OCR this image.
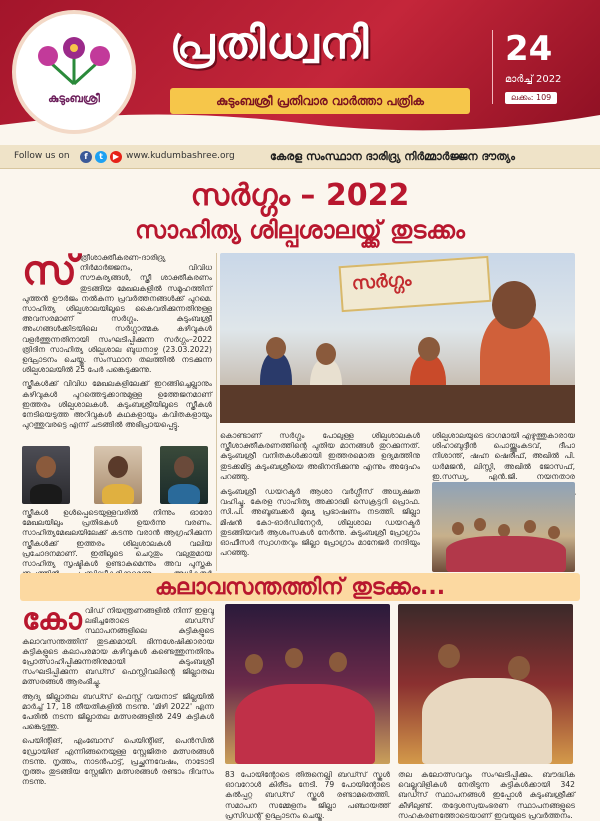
കുടുംബശ്രീ
പ്രതിധ്വനി
കുടുംബശ്രീ പ്രതിവാര വാർത്താ പത്രിക
24
മാർച്ച് 2022
ലക്കം: 109
Follow us on	f	t	▶ www.kudumbashree.org	കേരള സംസ്ഥാന ദാരിദ്ര്യ നിർമ്മാർജ്ജന ദൗത്യം
സർഗ്ഗം – 2022
സാഹിത്യ ശില്പശാലയ്ക്ക് തുടക്കം
സ് ത്രീശാക്തീകരണ-ദാരിദ്ര്യ നിർമാർജ്ജനം, വിവിധ സൗകര്യങ്ങൾ, സ്ത്രീ ശാക്തീകരണം തുടങ്ങിയ മേഖലകളിൽ സമൂഹത്തിന് പുത്തൻ ഊർജം നൽകുന്ന പ്രവർത്തനങ്ങൾക്ക് പുറമെ. സാഹിത്യ ശില്പശാലയിലൂടെ കൈവരിക്കുന്നതിനുള്ള അവസരമാണ് സർഗ്ഗം. കുടുംബശ്രീ അംഗങ്ങൾക്കിടയിലെ സർഗ്ഗാത്മക കഴിവുകൾ വളർത്തുന്നതിനായി സംഘടിപ്പിക്കുന്ന സർഗ്ഗം–2022 ത്രിദിന സാഹിത്യ ശില്പശാല ബുധനാഴ്ച (23.03.2022) ഉദ്ഘാടനം ചെയ്തു. സംസ്ഥാന തലത്തിൽ നടക്കുന്ന ശില്പശാലയിൽ 25 പേർ പങ്കെടുക്കുന്നു.

സ്ത്രീകൾക്ക് വിവിധ മേഖലകളിലേക്ക് ഇറങ്ങിച്ചെല്ലാനും കഴിവുകൾ പുറത്തെടുക്കാനുമുള്ള ഉത്തേജനമാണ് ഇത്തരം ശില്പശാലകൾ. കുടുംബശ്രീയിലൂടെ സ്ത്രീകൾ നേടിയെടുത്ത അറിവുകൾ കഥകളായും കവിതകളായും പുറത്തുവരട്ടെ എന്ന് ചടങ്ങിൽ അഭിപ്രായപ്പെട്ടു.

സ്ത്രീകൾ ഉൾപ്പെടെയുള്ളവരിൽ നിന്നും ഓരോ മേഖലയിലും പ്രതിഭകൾ ഉയർന്നു വരണം. സാഹിത്യമേഖലയിലേക്ക് കടന്നു വരാൻ ആഗ്രഹിക്കുന്ന സ്ത്രീകൾക്ക് ഇത്തരം ശില്പശാലകൾ വലിയ പ്രചോദനമാണ്. ഇതിലൂടെ ചെറുതും വലുതുമായ സാഹിത്യ സൃഷ്ടികൾ ഉണ്ടാകുമെന്നും അവ പുസ്തക
സർഗ്ഗം

കൊണ്ടാണ് സർഗ്ഗം പോലുള്ള ശില്പശാലകൾ സ്ത്രീശാക്തീകരണത്തിന്റെ പുതിയ മാനങ്ങൾ തുറക്കുന്നത്. കുടുംബശ്രീ വനിതകൾക്കായി ഇത്തരമൊരു ഉദ്യമത്തിനു തുടക്കമിട്ട കുടുംബശ്രീയെ അഭിനന്ദിക്കുന്നു എന്നും അദ്ദേഹം പറഞ്ഞു.

കുടുംബശ്രീ ഡയറക്ടർ ആശാ വർഗ്ഗീസ് അധ്യക്ഷത വഹിച്ചു. കേരള സാഹിത്യ അക്കാദമി സെക്രട്ടറി പ്രൊഫ. സി.പി. അബൂബക്കർ മുഖ്യ പ്രഭാഷണം നടത്തി. ജില്ലാ മിഷൻ കോ-ഓർഡിനേറ്റർ, ശില്പശാല ഡയറക്ടർ തുടങ്ങിയവർ ആശംസകൾ നേർന്നു. കുടുംബശ്രീ പ്രോഗ്രാം ഓഫീസർ സ്വാഗതവും ജില്ലാ പ്രോഗ്രാം മാനേജർ നന്ദിയും പറഞ്ഞു.

ശില്പശാലയുടെ ഭാഗമായി എഴുത്തുകാരായ ശിഹാബുദ്ദീൻ പൊയ്ത്തുംകടവ്, ദീപാ നിശാന്ത്, ഷഹ്ന ഷെരീഫ്, അഖിൽ പി. ധർമജൻ, ലിസ്സി, അഖിൽ ജോസഫ്, ഇ.സന്ധ്യ, എൻ.ജി. നയനതാര

കലാവസന്തത്തിന് തുടക്കം...
കോ വിഡ് നിയന്ത്രണങ്ങളിൽ നിന്ന് ഇളവു ലഭിച്ചതോടെ ബഡ്സ് സ്ഥാപനങ്ങളിലെ കുട്ടികളുടെ കലാവസന്തത്തിന് തുടക്കമായി. ഭിന്നശേഷിക്കാരായ കുട്ടികളുടെ കലാപരമായ കഴിവുകൾ കണ്ടെത്തുന്നതിനും പ്രോത്സാഹിപ്പിക്കുന്നതിനുമായി കുടുംബശ്രീ സംഘടിപ്പിക്കുന്ന ബഡ്സ് ഫെസ്റ്റിവലിന്റെ ജില്ലാതല മത്സരങ്ങൾ ആരംഭിച്ചു.

ആദ്യ ജില്ലാതല ബഡ്സ് ഫെസ്റ്റ് വയനാട് ജില്ലയിൽ മാർച്ച് 17, 18 തീയതികളിൽ നടന്നു. 'മിഴി 2022' എന്ന പേരിൽ നടന്ന ജില്ലാതല മത്സരങ്ങളിൽ 249 കുട്ടികൾ പങ്കെടുത്തു.

പെയിന്റിങ്, എംബോസ് പെയിന്റിങ്, പെൻസിൽ ഡ്രോയിങ് എന്നിങ്ങനെയുള്ള സ്റ്റേജിതര മത്സരങ്ങൾ നടന്നു. നൃത്തം, നാടൻപാട്ട്, പ്രച്ഛന്നവേഷം, നാടോടി നൃത്തം തുടങ്ങിയ സ്റ്റേജിന മത്സരങ്ങൾ രണ്ടാം ദിവസം നടന്നു.

83 പോയിന്റോടെ തിരുനെല്ലി ബഡ്സ് സ്കൂൾ ഓവറോൾ കിരീടം നേടി. 79 പോയിന്റോടെ കൽപ്പറ്റ ബഡ്സ് സ്കൂൾ രണ്ടാമതെത്തി. സമാപന സമ്മേളനം ജില്ലാ പഞ്ചായത്ത് പ്രസിഡന്റ് ഉദ്ഘാടനം ചെയ്തു.

തല കലോത്സവവും സംഘടിപ്പിക്കും. ബൗദ്ധിക വെല്ലുവിളികൾ നേരിടുന്ന കുട്ടികൾക്കായി 342 ബഡ്സ് സ്ഥാപനങ്ങൾ ഇപ്പോൾ കുടുംബശ്രീക്ക് കീഴിലുണ്ട്. തദ്ദേശസ്വയംഭരണ സ്ഥാപനങ്ങളുടെ സഹകരണത്തോടെയാണ് ഇവയുടെ പ്രവർത്തനം.
